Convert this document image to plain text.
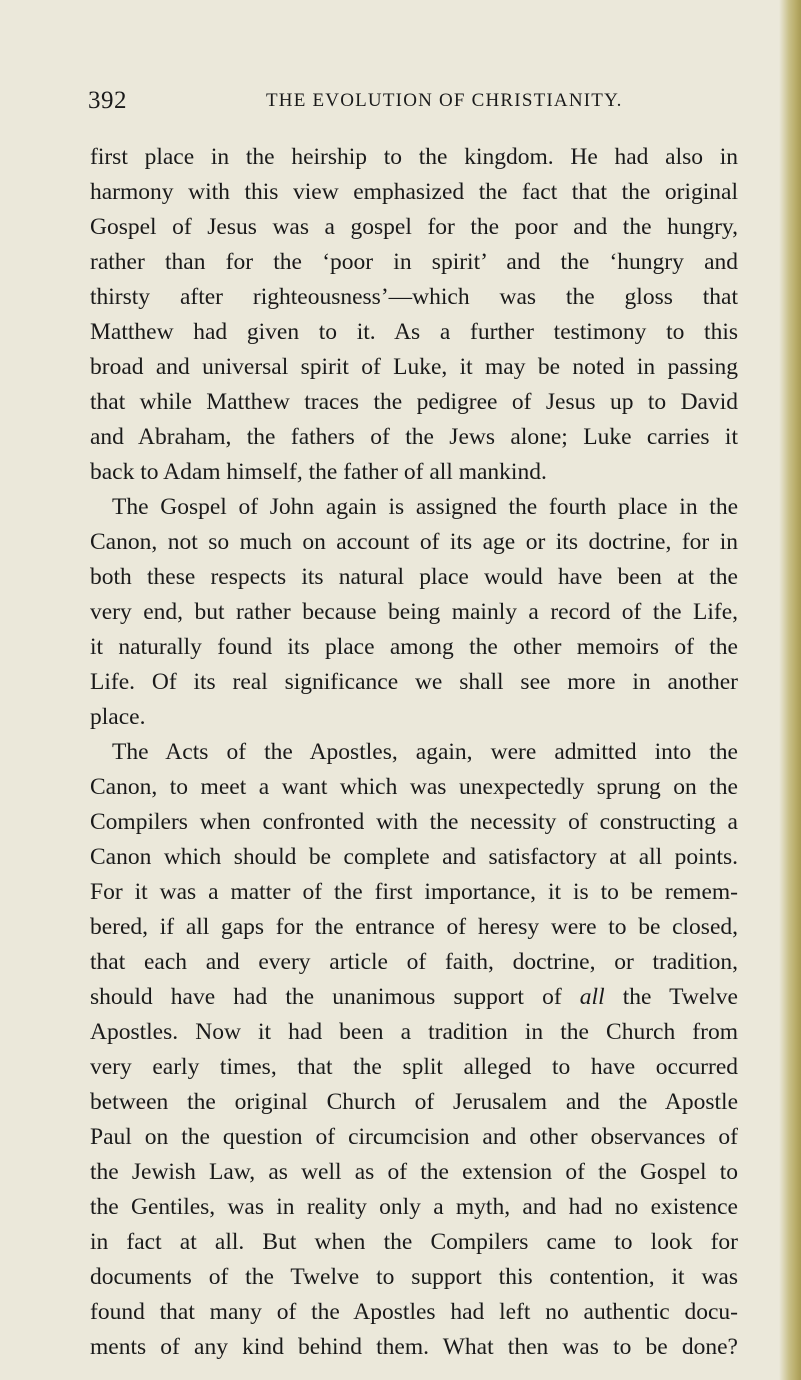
392	THE EVOLUTION OF CHRISTIANITY.
first place in the heirship to the kingdom. He had also in
harmony with this view emphasized the fact that the original
Gospel of Jesus was a gospel for the poor and the hungry,
rather than for the ‘poor in spirit’ and the ‘hungry and
thirsty after righteousness’—which was the gloss that
Matthew had given to it. As a further testimony to this
broad and universal spirit of Luke, it may be noted in passing
that while Matthew traces the pedigree of Jesus up to David
and Abraham, the fathers of the Jews alone; Luke carries it
back to Adam himself, the father of all mankind.
The Gospel of John again is assigned the fourth place in the
Canon, not so much on account of its age or its doctrine, for in
both these respects its natural place would have been at the
very end, but rather because being mainly a record of the Life,
it naturally found its place among the other memoirs of the
Life. Of its real significance we shall see more in another
place.
The Acts of the Apostles, again, were admitted into the
Canon, to meet a want which was unexpectedly sprung on the
Compilers when confronted with the necessity of constructing a
Canon which should be complete and satisfactory at all points.
For it was a matter of the first importance, it is to be remem-
bered, if all gaps for the entrance of heresy were to be closed,
that each and every article of faith, doctrine, or tradition,
should have had the unanimous support of all the Twelve
Apostles. Now it had been a tradition in the Church from
very early times, that the split alleged to have occurred
between the original Church of Jerusalem and the Apostle
Paul on the question of circumcision and other observances of
the Jewish Law, as well as of the extension of the Gospel to
the Gentiles, was in reality only a myth, and had no existence
in fact at all. But when the Compilers came to look for
documents of the Twelve to support this contention, it was
found that many of the Apostles had left no authentic docu-
ments of any kind behind them. What then was to be done?
